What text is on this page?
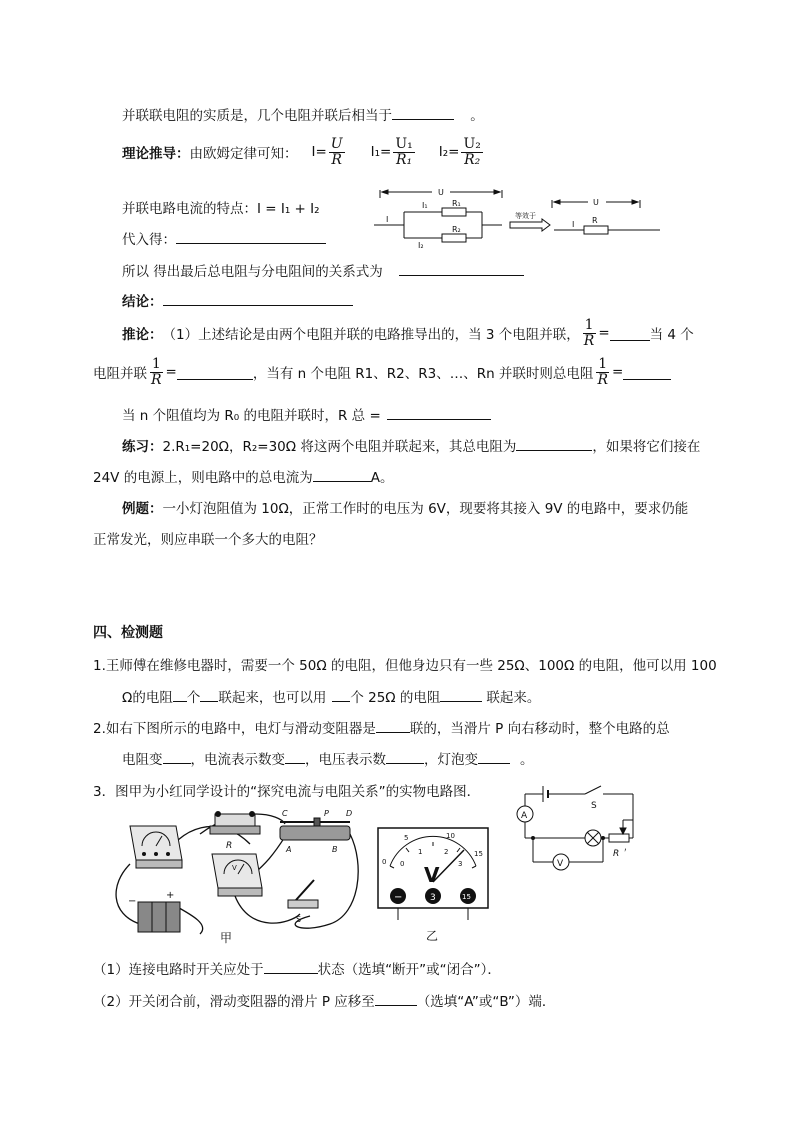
并联联电阻的实质是，几个电阻并联后相当于	。
理论推导： 由欧姆定律可知： $I= \frac{U}{R} I_1= \frac{\text{U₁}}{\text{R₁}} I_2= \frac{\text{U₂}}{\text{R₂}}$
并联电路电流的特点：I = I₁ + I₂
代入得：
U
I
I₁	R₁
I₂
R₂
等效于
U
I R
所以 得出最后总电阻与分电阻间的关系式为
结论：
推论： （1）上述结论是由两个电阻并联的电路推导出的，当 3 个电阻并联， $\frac{1}{R}$ =	当 4 个
电阻并联 $\frac{1}{R}$ =	，当有 n 个电阻 R1、R2、R3、…、Rn 并联时则总电阻 $\frac{1}{R}$ =
当 n 个阻值均为 R₀ 的电阻并联时，R 总 =
练习：2.R₁=20Ω，R₂=30Ω 将这两个电阻并联起来，其总电阻为	，如果将它们接在
24V 的电源上，则电路中的总电流为	A。
例题：一小灯泡阻值为 10Ω，正常工作时的电压为 6V，现要将其接入 9V 的电路中，要求仍能
正常发光，则应串联一个多大的电阻？
四、检测题
1.王师傅在维修电器时，需要一个 50Ω 的电阻，但他身边只有一些 25Ω、100Ω 的电阻，他可以用 100
Ω的电阻 个 联起来，也可以用 个 25Ω 的电阻	联起来。
2.如右下图所示的电路中，电灯与滑动变阻器是	联的，当滑片 P 向右移动时，整个电路的总
电阻变 ，电流表示数变 ，电压表示数	，灯泡变	。
3．图甲为小红同学设计的“探究电流与电阻关系”的实物电路图．
R
V
C	P D
A	B
S
−
+
甲
0
5	10
15
0
1	2
3
V
−	3	15
乙
S
A
V
R＇
（1）连接电路时开关应处于	状态（选填“断开”或“闭合”）．
（2）开关闭合前，滑动变阻器的滑片 P 应移至	（选填“A”或“B”）端．
